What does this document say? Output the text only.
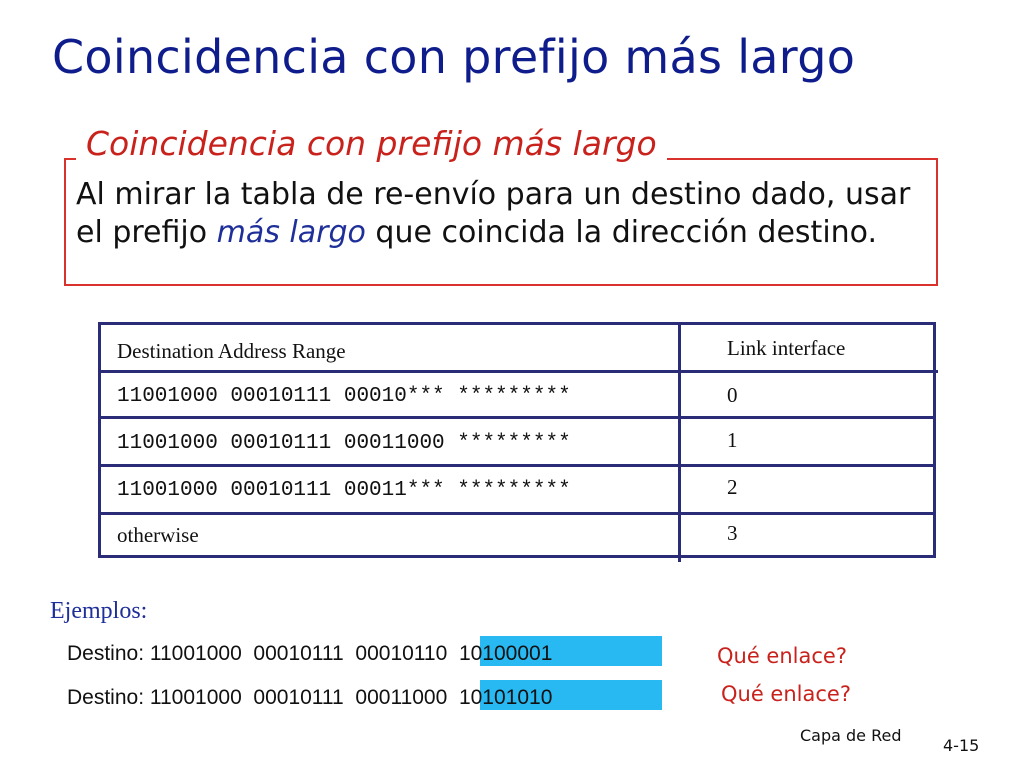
Coincidencia con prefijo más largo
Coincidencia con prefijo más largo
Al mirar la tabla de re-envío para un destino dado, usar el prefijo más largo que coincida la dirección destino.
Destination Address Range	Link interface
11001000 00010111 00010*** *********	0
11001000 00010111 00011000 *********	1
11001000 00010111 00011*** *********	2
otherwise	3
Ejemplos:
Destino: 11001000  00010111  00010110  10100001	Qué enlace?
Destino: 11001000  00010111  00011000  10101010	Qué enlace?
Capa de Red
4-15
